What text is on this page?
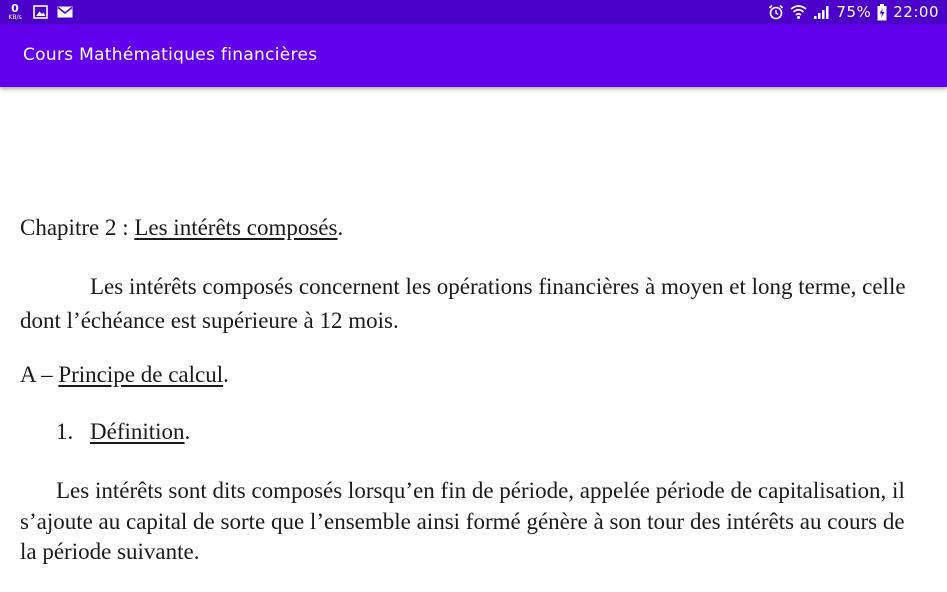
0
KB/s	75% 22:00
Cours Mathématiques financières
Chapitre 2 : Les intérêts composés.
Les intérêts composés concernent les opérations financières à moyen et long terme, celle
dont l’échéance est supérieure à 12 mois.
A – Principe de calcul.
1. Définition.
Les intérêts sont dits composés lorsqu’en fin de période, appelée période de capitalisation, il
s’ajoute au capital de sorte que l’ensemble ainsi formé génère à son tour des intérêts au cours de
la période suivante.
